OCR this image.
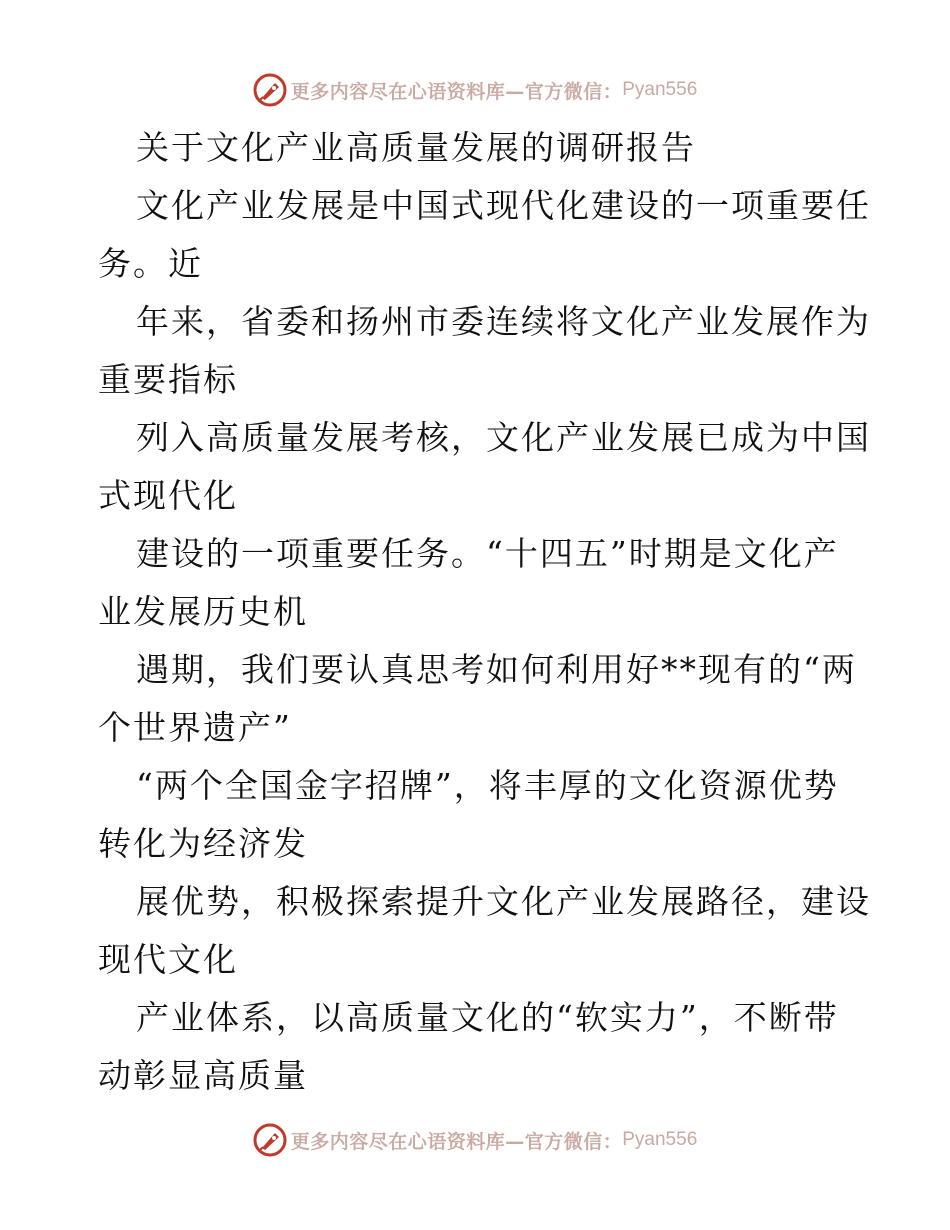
更多内容尽在心语资料库—官方微信： Pyan556
关于文化产业高质量发展的调研报告
文化产业发展是中国式现代化建设的一项重要任
务。近
年来，省委和扬州市委连续将文化产业发展作为
重要指标
列入高质量发展考核，文化产业发展已成为中国
式现代化
建设的一项重要任务。“十四五”时期是文化产
业发展历史机
遇期，我们要认真思考如何利用好**现有的“两
个世界遗产”
“两个全国金字招牌”，将丰厚的文化资源优势
转化为经济发
展优势，积极探索提升文化产业发展路径，建设
现代文化
产业体系，以高质量文化的“软实力”，不断带
动彰显高质量
更多内容尽在心语资料库—官方微信： Pyan556
